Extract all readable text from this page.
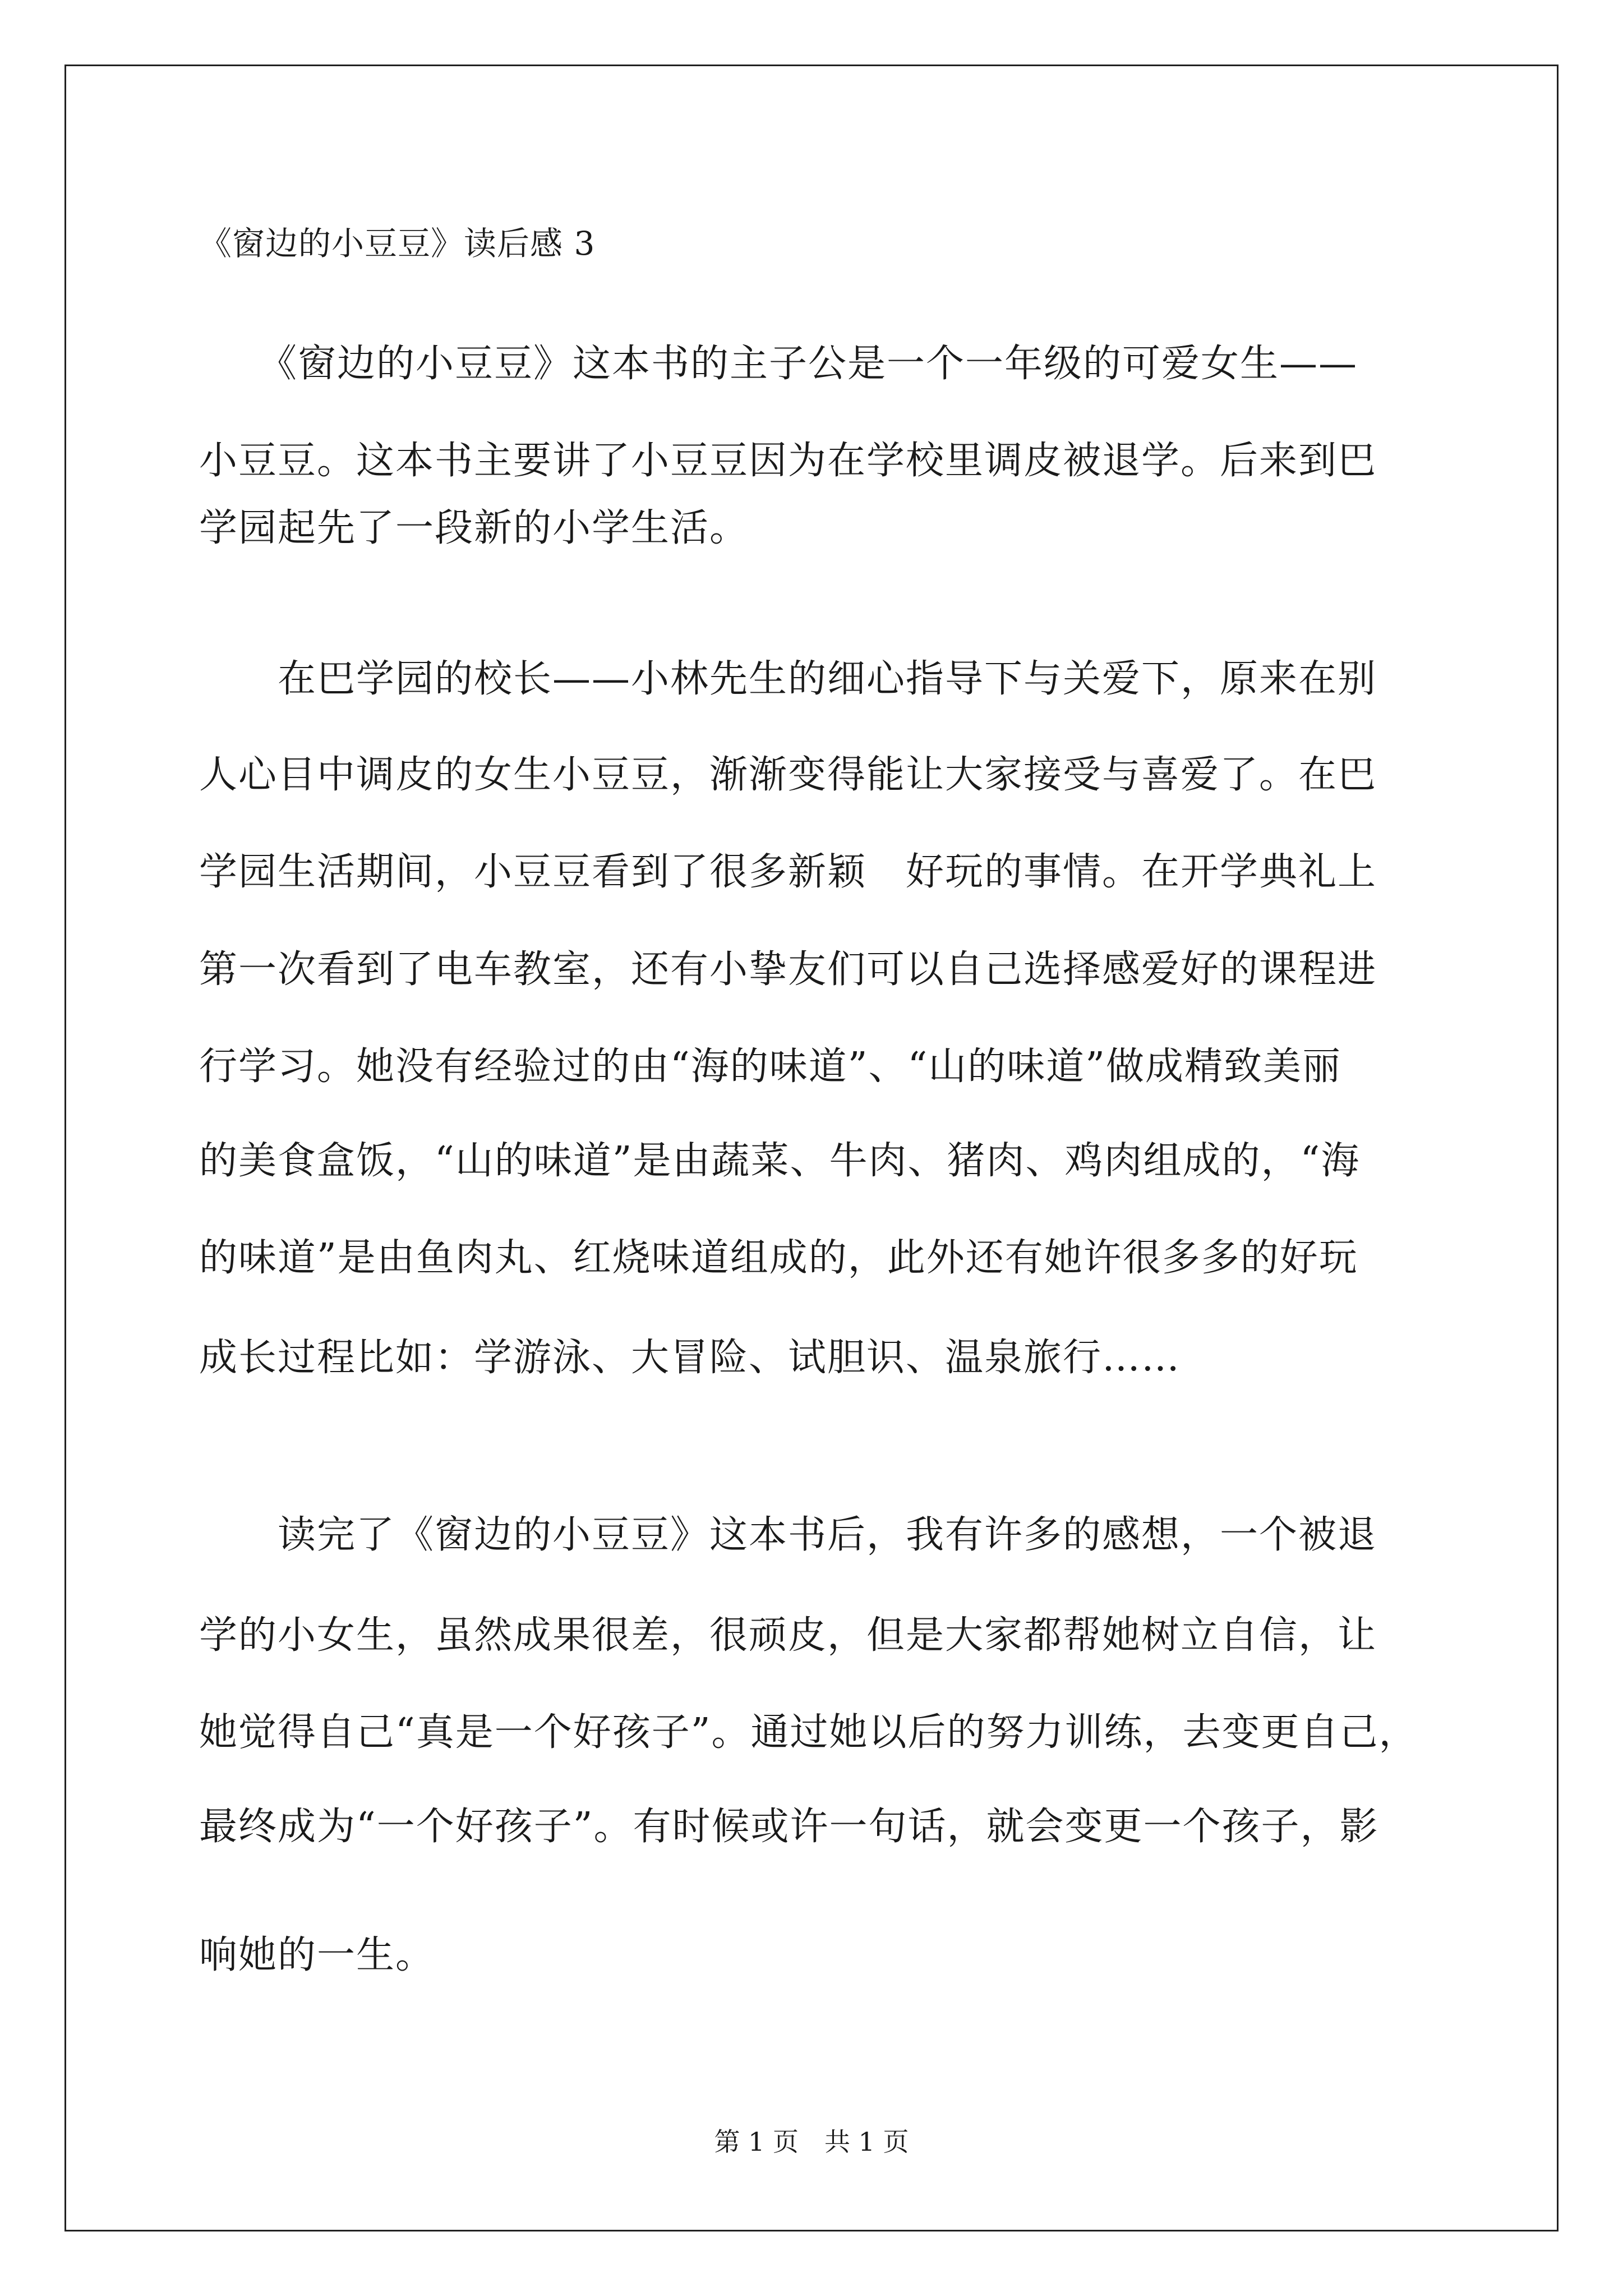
《窗边的小豆豆》读后感 3
　　《窗边的小豆豆》这本书的主子公是一个一年级的可爱女生——
小豆豆。这本书主要讲了小豆豆因为在学校里调皮被退学。后来到巴
学园起先了一段新的小学生活。
　　在巴学园的校长——小林先生的细心指导下与关爱下，原来在别
人心目中调皮的女生小豆豆，渐渐变得能让大家接受与喜爱了。在巴
学园生活期间，小豆豆看到了很多新颖　好玩的事情。在开学典礼上
第一次看到了电车教室，还有小挚友们可以自己选择感爱好的课程进
行学习。她没有经验过的由“海的味道”、“山的味道”做成精致美丽
的美食盒饭，“山的味道”是由蔬菜、牛肉、猪肉、鸡肉组成的，“海
的味道”是由鱼肉丸、红烧味道组成的，此外还有她许很多多的好玩
成长过程比如：学游泳、大冒险、试胆识、温泉旅行……
　　读完了《窗边的小豆豆》这本书后，我有许多的感想，一个被退
学的小女生，虽然成果很差，很顽皮，但是大家都帮她树立自信，让
她觉得自己“真是一个好孩子”。通过她以后的努力训练，去变更自己，
最终成为“一个好孩子”。有时候或许一句话，就会变更一个孩子，影
响她的一生。
第 1 页　共 1 页
